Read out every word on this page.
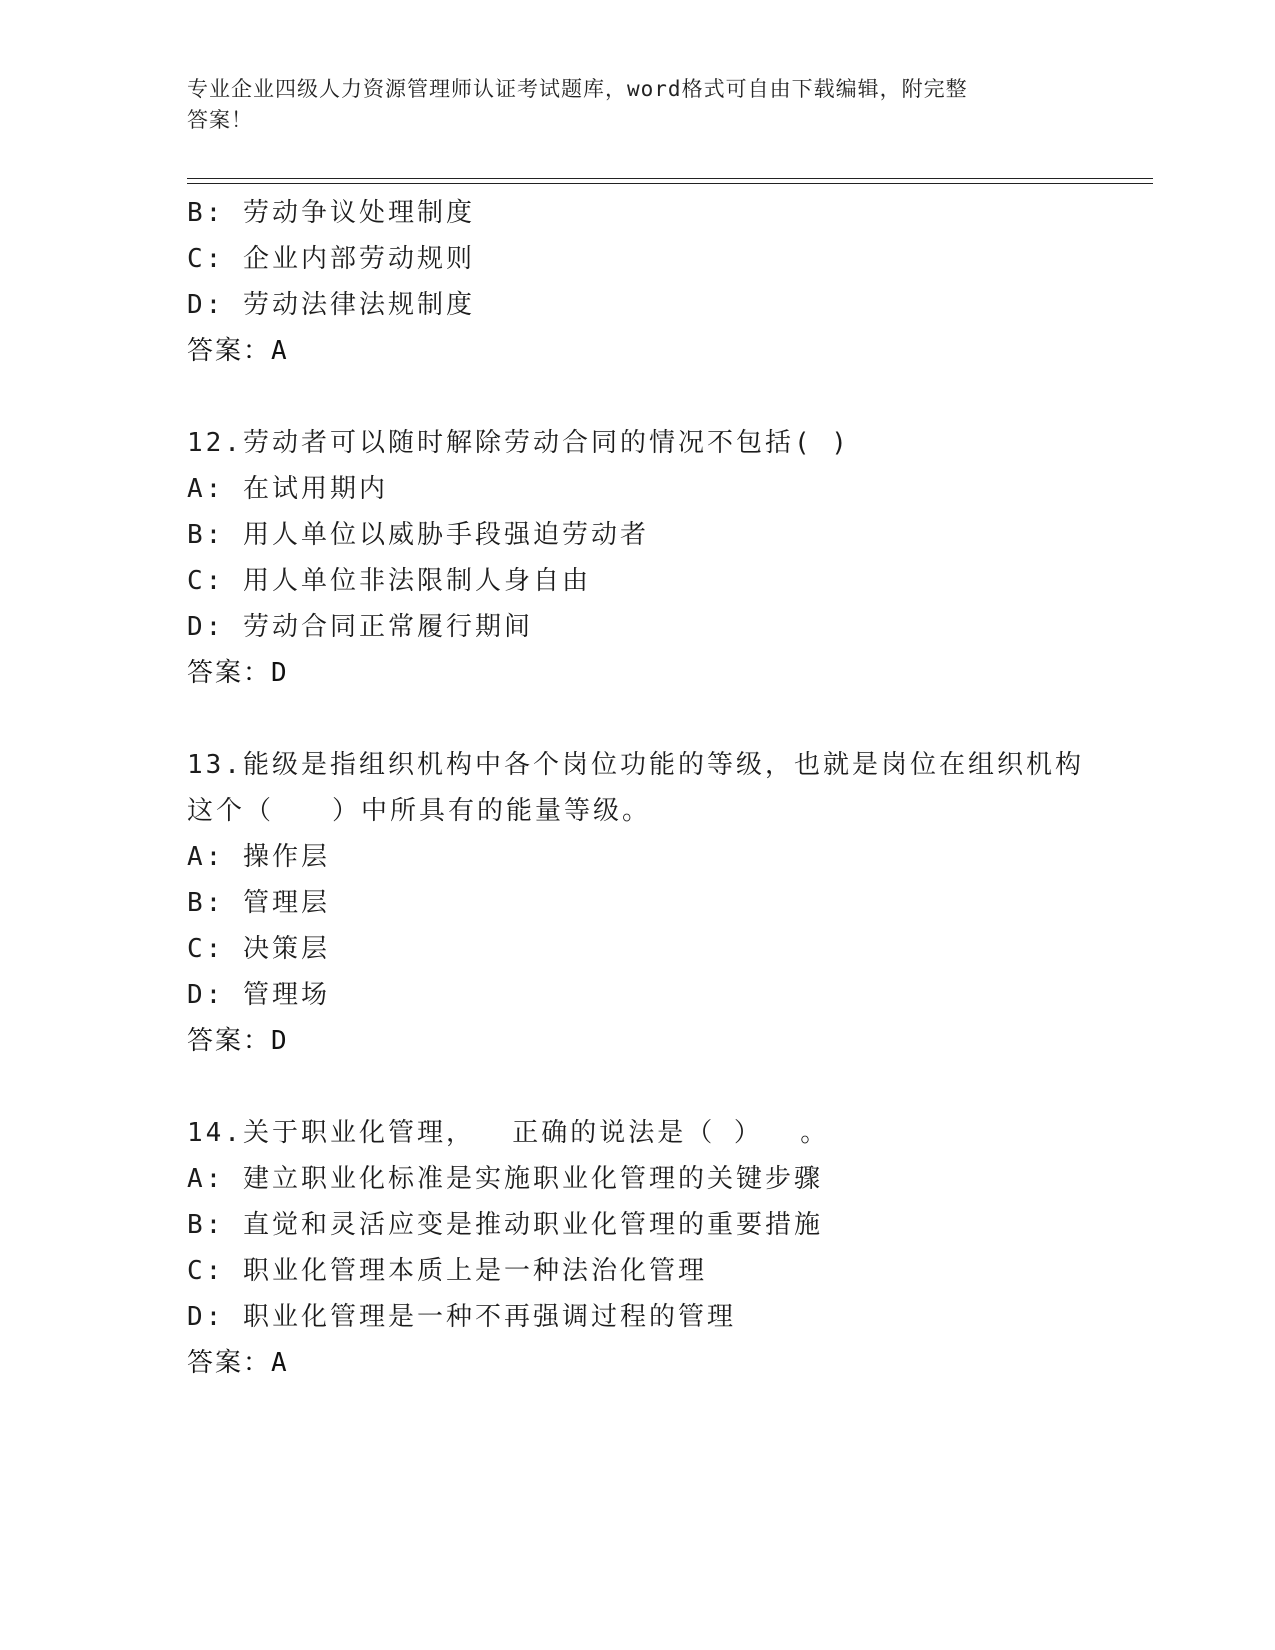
专业企业四级人力资源管理师认证考试题库，word格式可自由下载编辑，附完整
答案！
B: 劳动争议处理制度
C: 企业内部劳动规则
D: 劳动法律法规制度
答案：A
12.劳动者可以随时解除劳动合同的情况不包括( )
A: 在试用期内
B: 用人单位以威胁手段强迫劳动者
C: 用人单位非法限制人身自由
D: 劳动合同正常履行期间
答案：D
13.能级是指组织机构中各个岗位功能的等级，也就是岗位在组织机构
这个（　　）中所具有的能量等级。
A: 操作层
B: 管理层
C: 决策层
D: 管理场
答案：D
14.关于职业化管理，  正确的说法是（ ）  。
A: 建立职业化标准是实施职业化管理的关键步骤
B: 直觉和灵活应变是推动职业化管理的重要措施
C: 职业化管理本质上是一种法治化管理
D: 职业化管理是一种不再强调过程的管理
答案：A
